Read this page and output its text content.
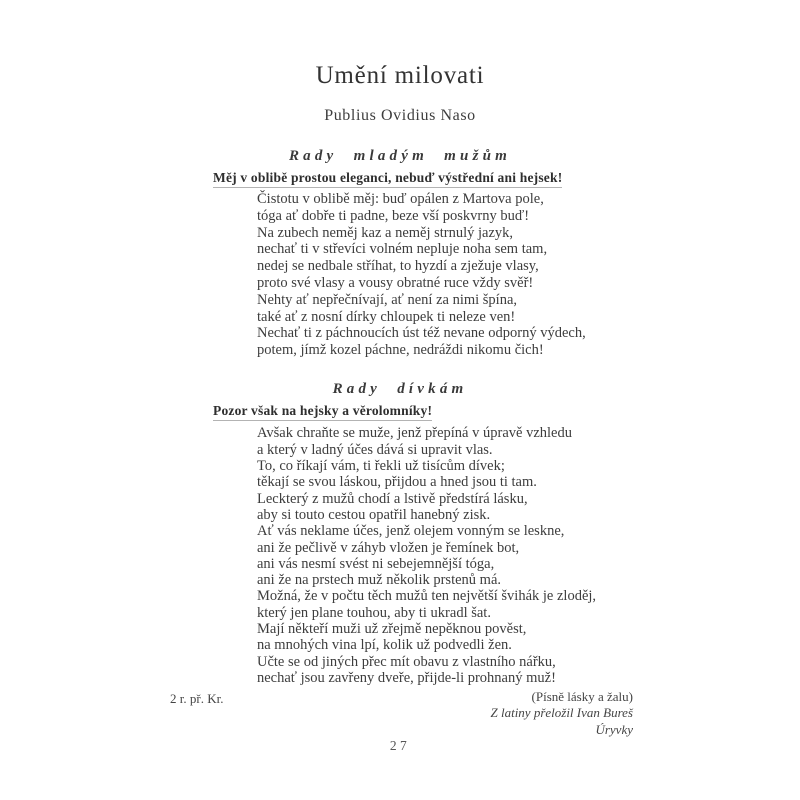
Umění milovati
Publius Ovidius Naso
Rady mladým mužům
Měj v oblibě prostou eleganci, nebuď výstřední ani hejsek!
Čistotu v oblibě měj: buď opálen z Martova pole,
tóga ať dobře ti padne, beze vší poskvrny buď!
Na zubech neměj kaz a neměj strnulý jazyk,
nechať ti v střevíci volném nepluje noha sem tam,
nedej se nedbale stříhat, to hyzdí a zježuje vlasy,
proto své vlasy a vousy obratné ruce vždy svěř!
Nehty ať nepřečnívají, ať není za nimi špína,
také ať z nosní dírky chloupek ti neleze ven!
Nechať ti z páchnoucích úst též nevane odporný výdech,
potem, jímž kozel páchne, nedráždi nikomu čich!
Rady dívkám
Pozor však na hejsky a věrolomníky!
Avšak chraňte se muže, jenž přepíná v úpravě vzhledu
a který v ladný účes dává si upravit vlas.
To, co říkají vám, ti řekli už tisícům dívek;
těkají se svou láskou, přijdou a hned jsou ti tam.
Leckterý z mužů chodí a lstivě předstírá lásku,
aby si touto cestou opatřil hanebný zisk.
Ať vás neklame účes, jenž olejem vonným se leskne,
ani že pečlivě v záhyb vložen je řemínek bot,
ani vás nesmí svést ni sebejemnější tóga,
ani že na prstech muž několik prstenů má.
Možná, že v počtu těch mužů ten největší švihák je zloděj,
který jen plane touhou, aby ti ukradl šat.
Mají někteří muži už zřejmě nepěknou pověst,
na mnohých vina lpí, kolik už podvedli žen.
Učte se od jiných přec mít obavu z vlastního nářku,
nechať jsou zavřeny dveře, přijde-li prohnaný muž!
2 r. př. Kr.	(Písně lásky a žalu)
Z latiny přeložil Ivan Bureš
Úryvky
27
